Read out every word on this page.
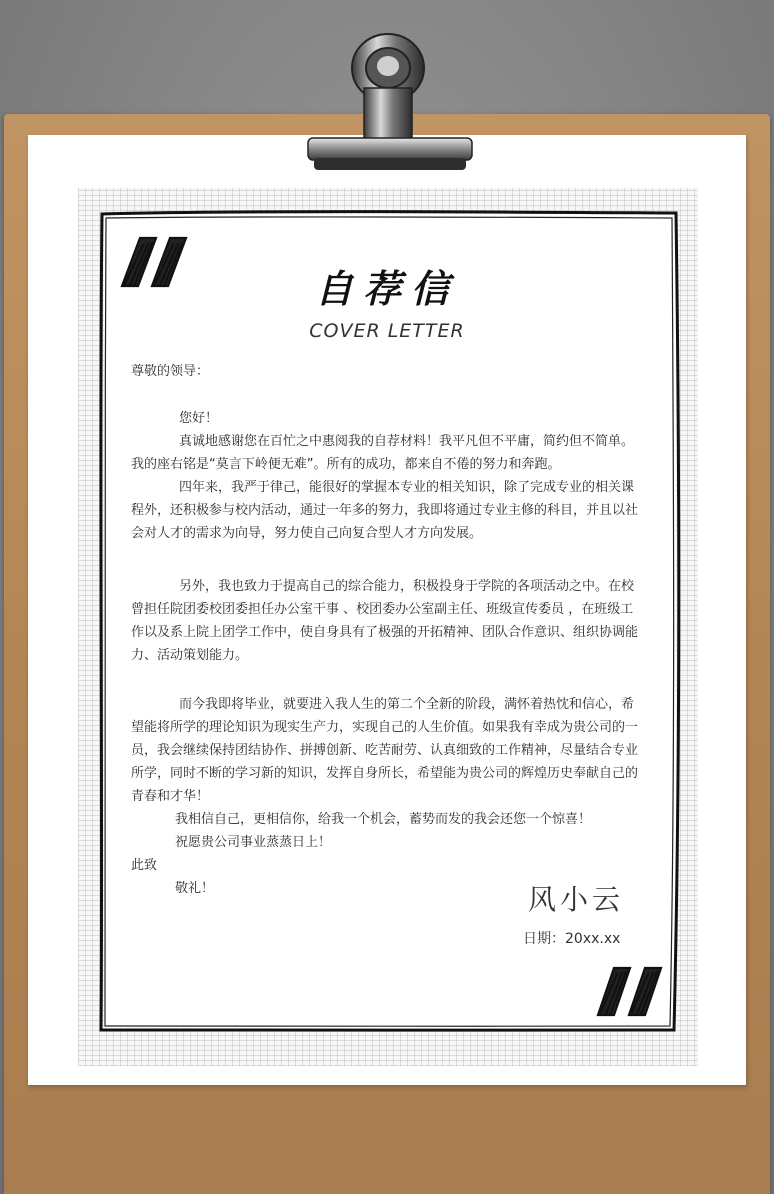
自荐信
COVER LETTER

尊敬的领导：

您好！

真诚地感谢您在百忙之中惠阅我的自荐材料！我平凡但不平庸，简约但不简单。我的座右铭是“莫言下岭便无难”。所有的成功，都来自不倦的努力和奔跑。

四年来，我严于律己，能很好的掌握本专业的相关知识，除了完成专业的相关课程外，还积极参与校内活动，通过一年多的努力，我即将通过专业主修的科目，并且以社会对人才的需求为向导，努力使自己向复合型人才方向发展。

另外，我也致力于提高自己的综合能力，积极投身于学院的各项活动之中。在校曾担任院团委校团委担任办公室干事 、校团委办公室副主任、班级宣传委员 ，在班级工作以及系上院上团学工作中，使自身具有了极强的开拓精神、团队合作意识、组织协调能力、活动策划能力。

而今我即将毕业，就要进入我人生的第二个全新的阶段，满怀着热忱和信心，希望能将所学的理论知识为现实生产力，实现自己的人生价值。如果我有幸成为贵公司的一员，我会继续保持团结协作、拼搏创新、吃苦耐劳、认真细致的工作精神，尽量结合专业所学，同时不断的学习新的知识，发挥自身所长，希望能为贵公司的辉煌历史奉献自己的青春和才华！

我相信自己，更相信你，给我一个机会，蓄势而发的我会还您一个惊喜！

祝愿贵公司事业蒸蒸日上！

此致

敬礼！	风小云
日期：20xx.xx
